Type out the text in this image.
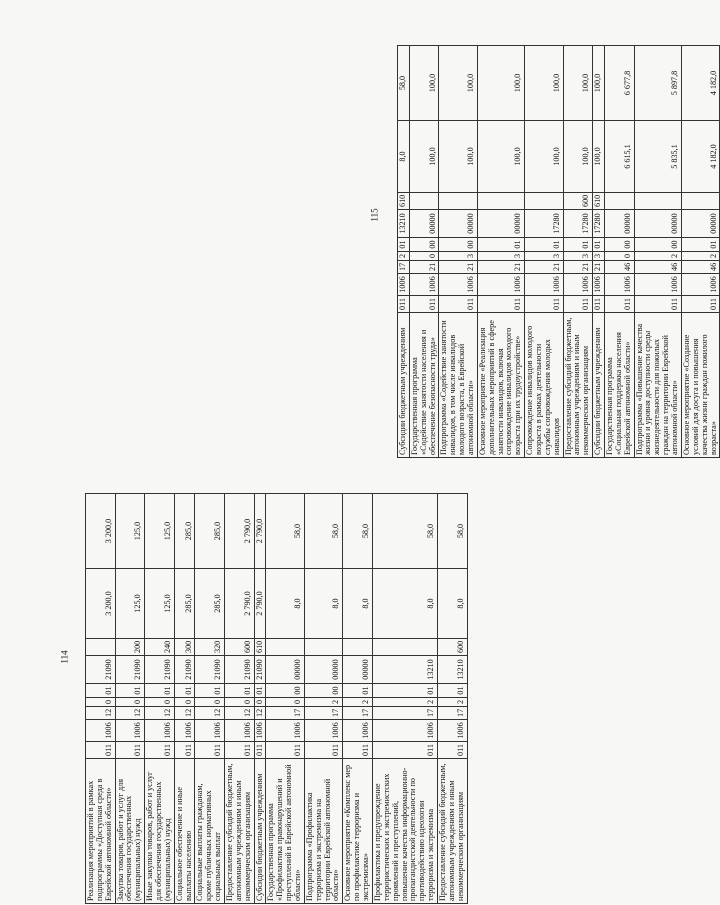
114
115
Реализация мероприятий в рамках подпрограммы «Доступная среда в Еврейской автономной области»	011	1006	12	0	01	21090		3 200,0	3 200,0
Закупка товаров, работ и услуг для обеспечения государственных (муниципальных) нужд	011	1006	12	0	01	21090	200	125,0	125,0
Иные закупки товаров, работ и услуг для обеспечения государственных (муниципальных) нужд	011	1006	12	0	01	21090	240	125,0	125,0
Социальное обеспечение и иные выплаты населению	011	1006	12	0	01	21090	300	285,0	285,0
Социальные выплаты гражданам, кроме публичных нормативных социальных выплат	011	1006	12	0	01	21090	320	285,0	285,0
Предоставление субсидий бюджетным, автономным учреждениям и иным некоммерческим организациям	011	1006	12	0	01	21090	600	2 790,0	2 790,0
Субсидии бюджетным учреждениям	011	1006	12	0	01	21090	610	2 790,0	2 790,0
Государственная программа «Профилактика правонарушений и преступлений в Еврейской автономной области»	011	1006	17	0	00	00000		8,0	58,0
Подпрограмма «Профилактика терроризма и экстремизма на территории Еврейской автономной области»	011	1006	17	2	00	00000		8,0	58,0
Основное мероприятие «Комплекс мер по профилактике терроризма и экстремизма»	011	1006	17	2	01	00000		8,0	58,0
Профилактика и предупреждение террористических и экстремистских проявлений и преступлений, повышение качества информационно-пропагандистской деятельности по противодействию идеологии терроризма и экстремизма	011	1006	17	2	01	13210		8,0	58,0
Предоставление субсидий бюджетным, автономным учреждениям и иным некоммерческим организациям	011	1006	17	2	01	13210	600	8,0	58,0
Субсидии бюджетным учреждениям	011	1006	17	2	01	13210	610	8,0	58,0
Государственная программа «Содействие занятости населения и обеспечение безопасности труда»	011	1006	21	0	00	00000		100,0	100,0
Подпрограмма «Содействие занятости инвалидов, в том числе инвалидов молодого возраста, в Еврейской автономной области»	011	1006	21	3	00	00000		100,0	100,0
Основное мероприятие «Реализация дополнительных мероприятий в сфере занятости инвалидов, включая сопровождение инвалидов молодого возраста при их трудоустройстве»	011	1006	21	3	01	00000		100,0	100,0
Сопровождение инвалидов молодого возраста в рамках деятельности службы сопровождения молодых инвалидов	011	1006	21	3	01	17280		100,0	100,0
Предоставление субсидий бюджетным, автономным учреждениям и иным некоммерческим организациям	011	1006	21	3	01	17280	600	100,0	100,0
Субсидии бюджетным учреждениям	011	1006	21	3	01	17280	610	100,0	100,0
Государственная программа «Социальная поддержка населения Еврейской автономной области»	011	1006	46	0	00	00000		6 615,1	6 677,8
Подпрограмма «Повышение качества жизни и уровня доступности среды жизнедеятельности для пожилых граждан на территории Еврейской автономной области»	011	1006	46	2	00	00000		5 835,1	5 897,8
Основное мероприятие «Создание условий для досуга и повышения качества жизни граждан пожилого возраста»	011	1006	46	2	01	00000		4 182,0	4 182,0
